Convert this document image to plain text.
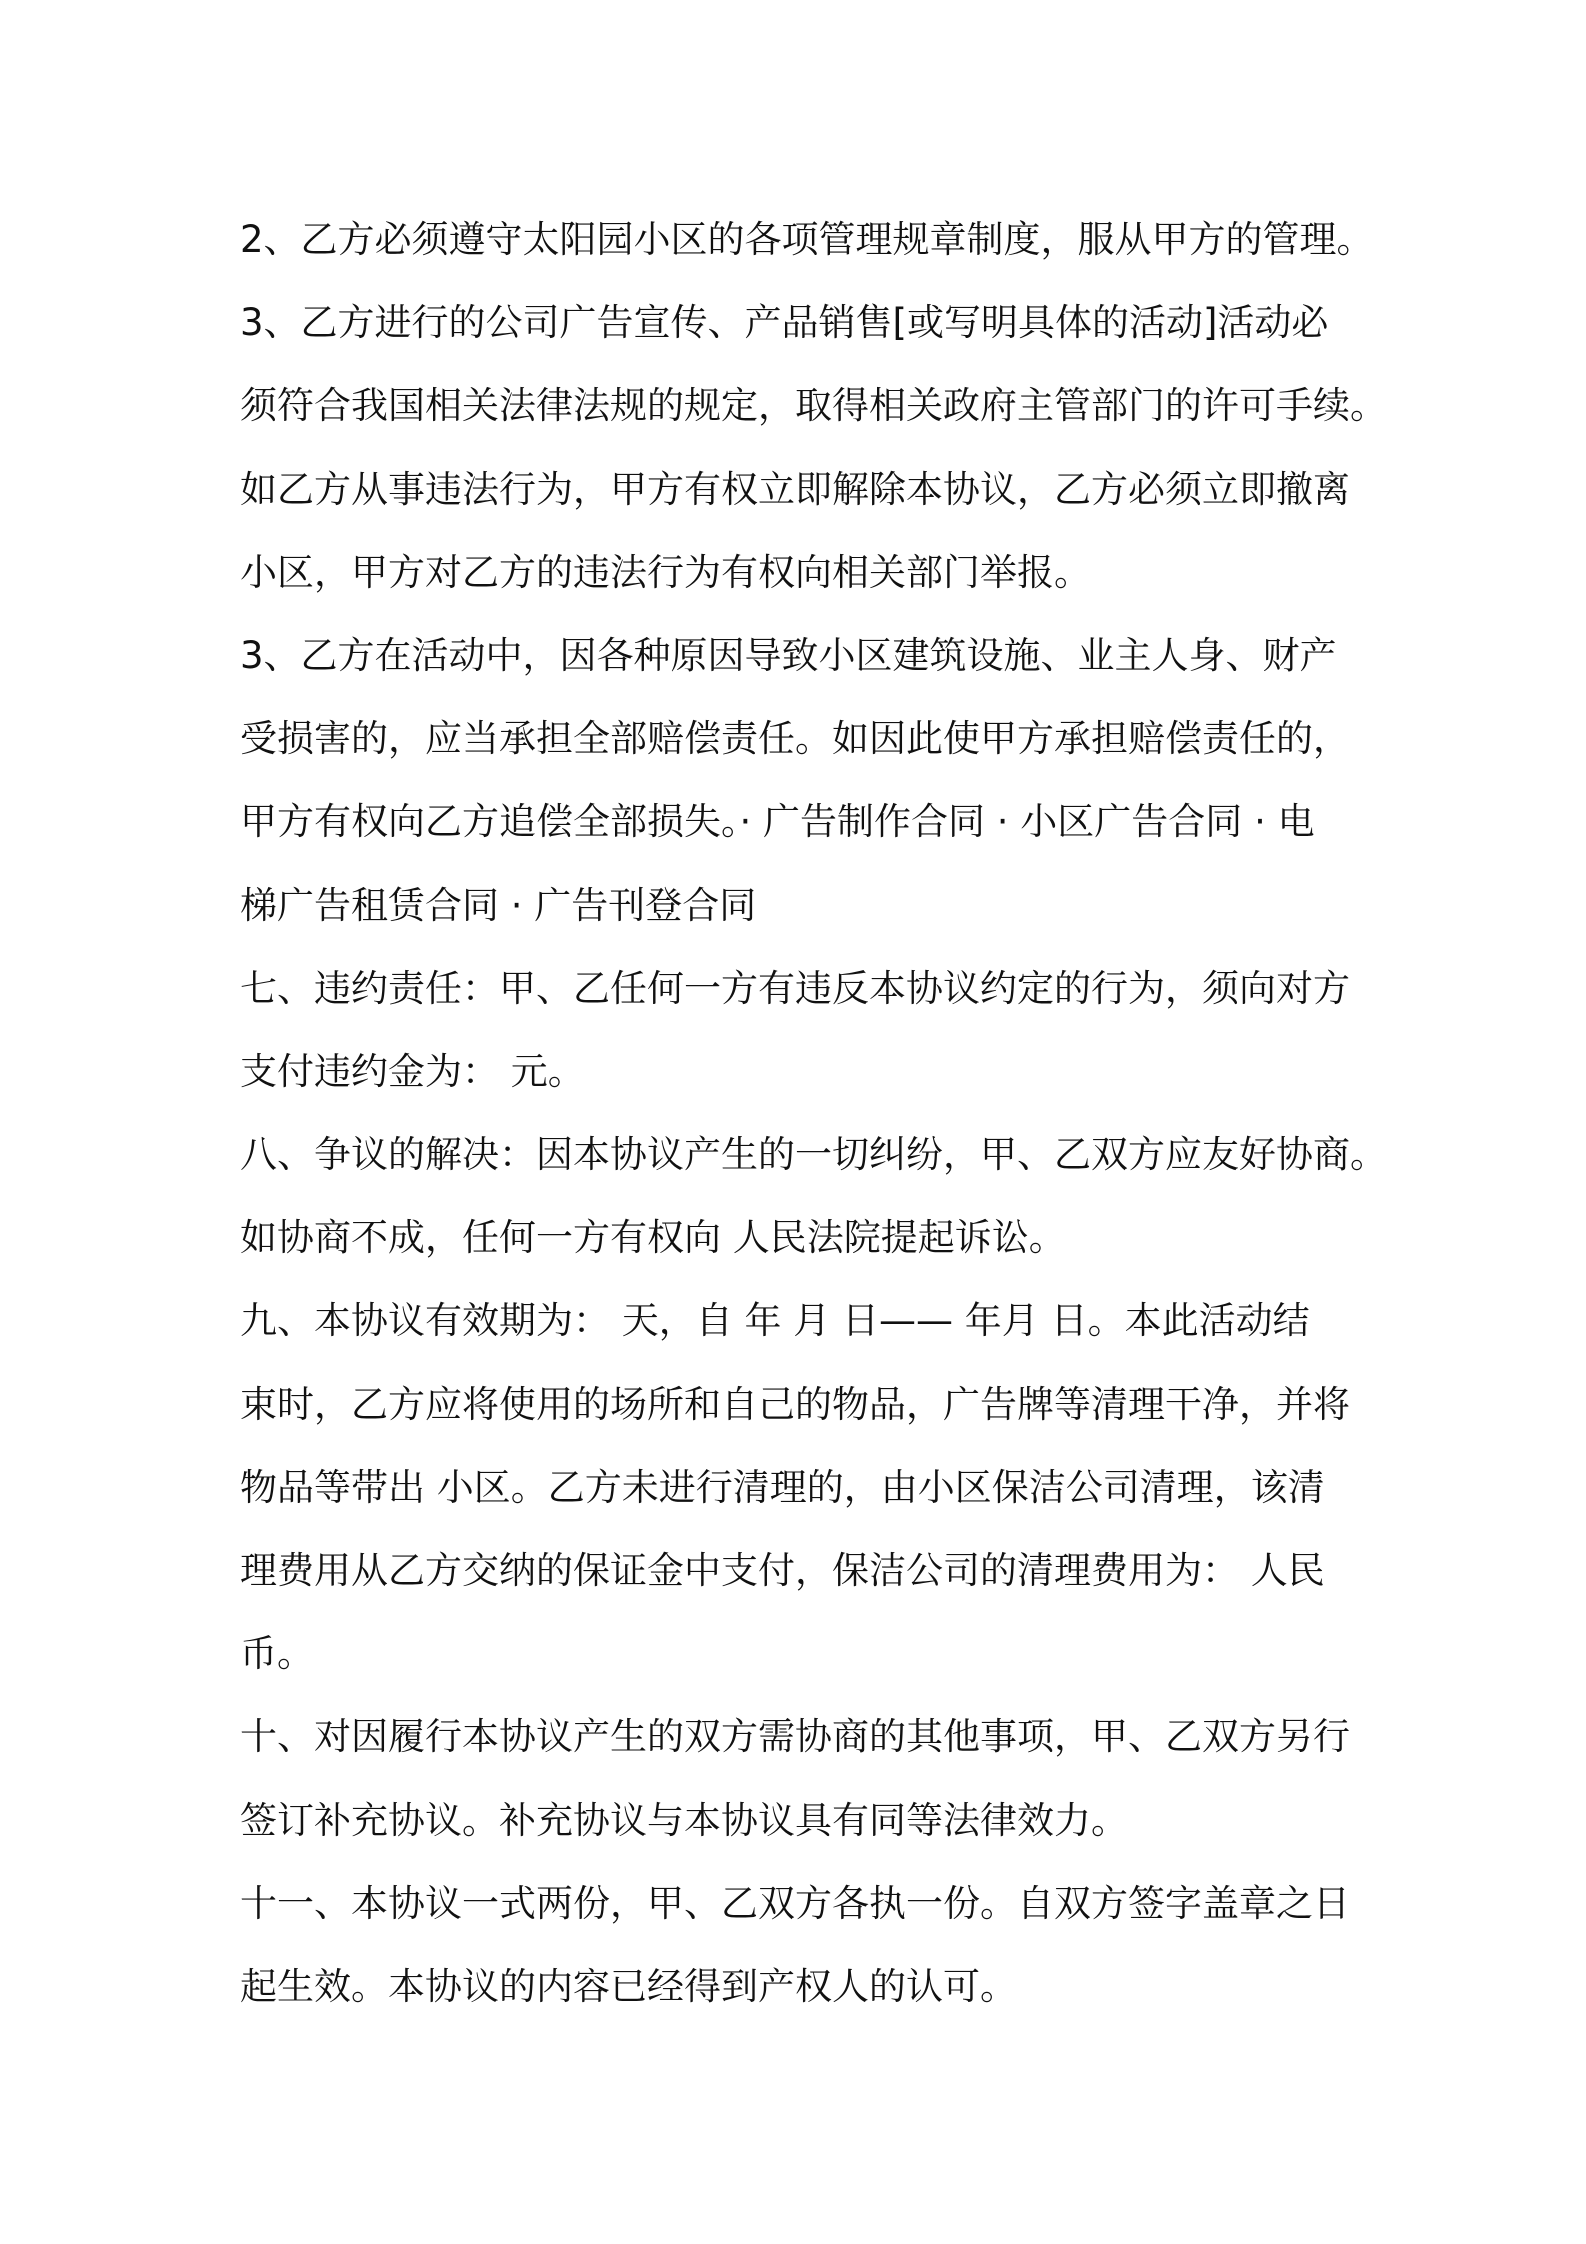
2、乙方必须遵守太阳园小区的各项管理规章制度，服从甲方的管理。
3、乙方进行的公司广告宣传、产品销售[或写明具体的活动]活动必
须符合我国相关法律法规的规定，取得相关政府主管部门的许可手续。
如乙方从事违法行为，甲方有权立即解除本协议，乙方必须立即撤离
小区，甲方对乙方的违法行为有权向相关部门举报。
3、乙方在活动中，因各种原因导致小区建筑设施、业主人身、财产
受损害的，应当承担全部赔偿责任。如因此使甲方承担赔偿责任的，
甲方有权向乙方追偿全部损失。· 广告制作合同 · 小区广告合同 · 电
梯广告租赁合同 · 广告刊登合同
七、违约责任：甲、乙任何一方有违反本协议约定的行为，须向对方
支付违约金为： 元。
八、争议的解决：因本协议产生的一切纠纷，甲、乙双方应友好协商。
如协商不成，任何一方有权向 人民法院提起诉讼。
九、本协议有效期为： 天，自 年 月 日—— 年月 日。本此活动结
束时，乙方应将使用的场所和自己的物品，广告牌等清理干净，并将
物品等带出 小区。乙方未进行清理的，由小区保洁公司清理，该清
理费用从乙方交纳的保证金中支付，保洁公司的清理费用为： 人民
币。
十、对因履行本协议产生的双方需协商的其他事项，甲、乙双方另行
签订补充协议。补充协议与本协议具有同等法律效力。
十一、本协议一式两份，甲、乙双方各执一份。自双方签字盖章之日
起生效。本协议的内容已经得到产权人的认可。
